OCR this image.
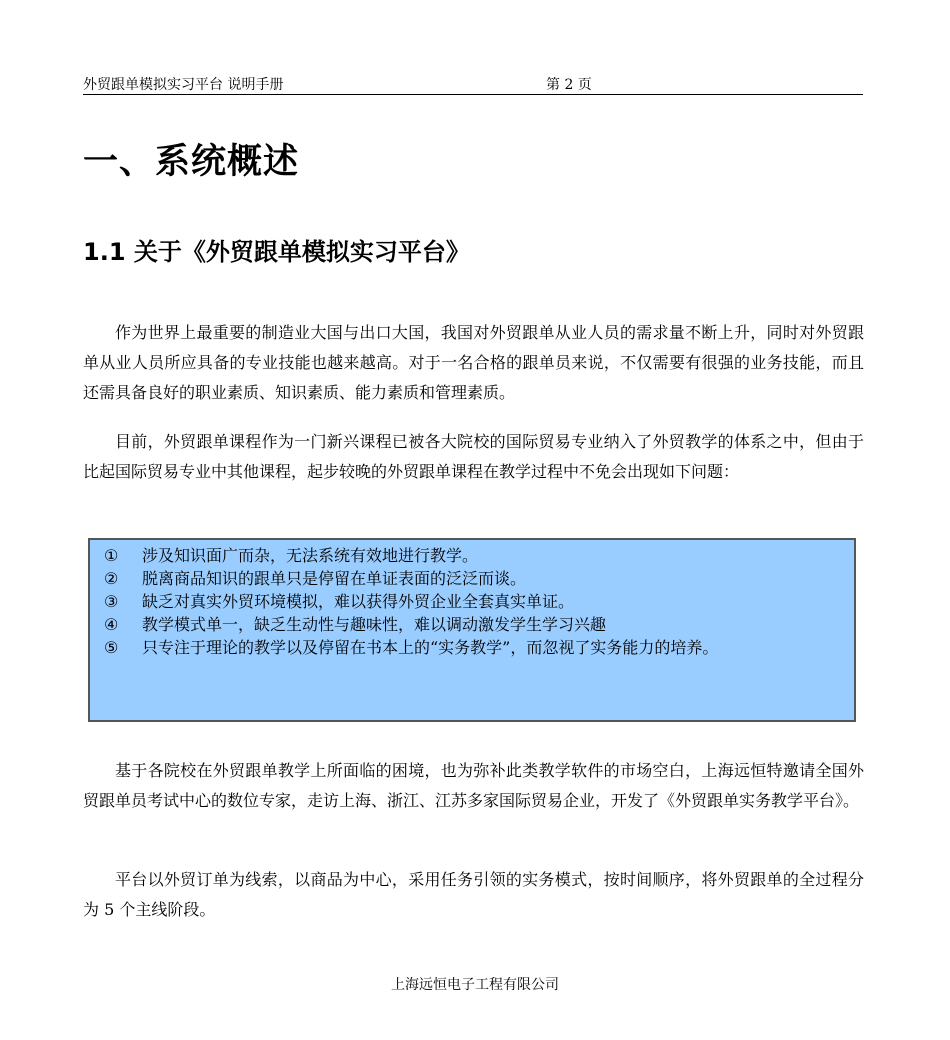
外贸跟单模拟实习平台 说明手册	第 2 页
一、系统概述
1.1 关于《外贸跟单模拟实习平台》

作为世界上最重要的制造业大国与出口大国，我国对外贸跟单从业人员的需求量不断上升，同时对外贸跟单从业人员所应具备的专业技能也越来越高。对于一名合格的跟单员来说，不仅需要有很强的业务技能，而且还需具备良好的职业素质、知识素质、能力素质和管理素质。

目前，外贸跟单课程作为一门新兴课程已被各大院校的国际贸易专业纳入了外贸教学的体系之中，但由于比起国际贸易专业中其他课程，起步较晚的外贸跟单课程在教学过程中不免会出现如下问题：

① 涉及知识面广而杂，无法系统有效地进行教学。
② 脱离商品知识的跟单只是停留在单证表面的泛泛而谈。
③ 缺乏对真实外贸环境模拟，难以获得外贸企业全套真实单证。
④ 教学模式单一，缺乏生动性与趣味性，难以调动激发学生学习兴趣
⑤ 只专注于理论的教学以及停留在书本上的“实务教学”，而忽视了实务能力的培养。

基于各院校在外贸跟单教学上所面临的困境，也为弥补此类教学软件的市场空白，上海远恒特邀请全国外贸跟单员考试中心的数位专家，走访上海、浙江、江苏多家国际贸易企业，开发了《外贸跟单实务教学平台》。

平台以外贸订单为线索，以商品为中心，采用任务引领的实务模式，按时间顺序，将外贸跟单的全过程分为 5 个主线阶段。

上海远恒电子工程有限公司
